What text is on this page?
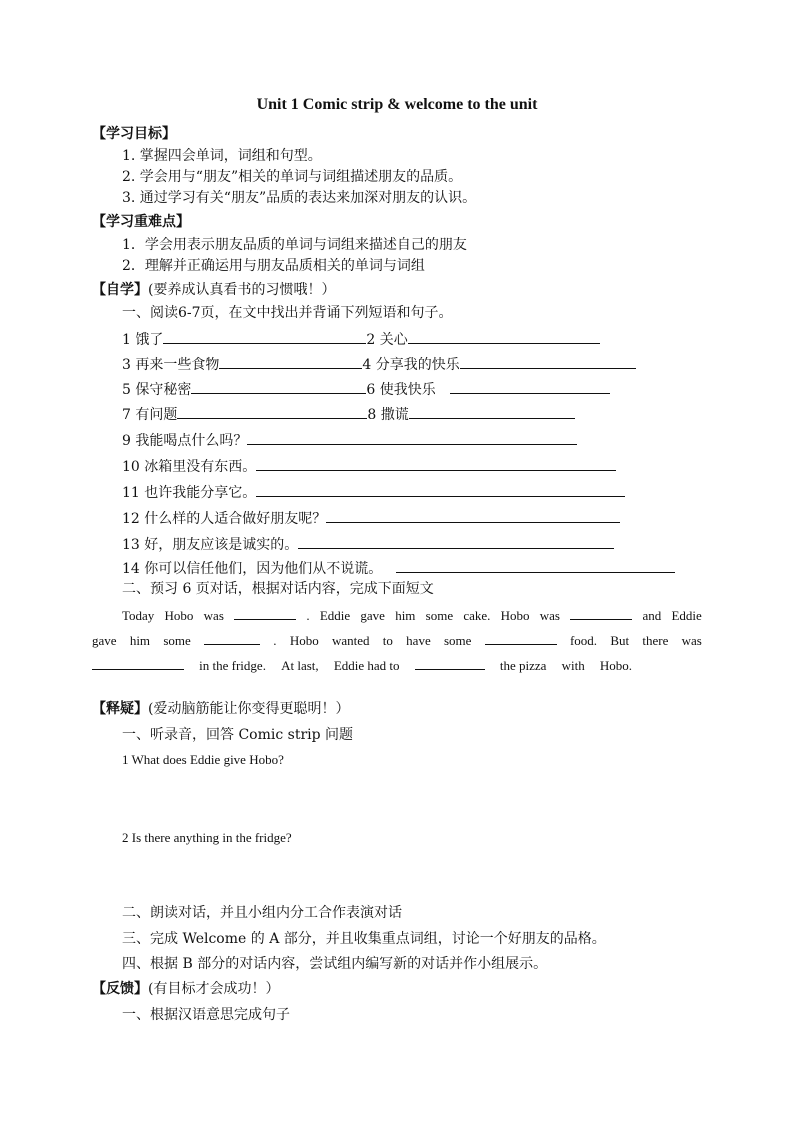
Unit 1 Comic strip & welcome to the unit
【学习目标】
1. 掌握四会单词，词组和句型。
2. 学会用与“朋友”相关的单词与词组描述朋友的品质。
3. 通过学习有关“朋友”品质的表达来加深对朋友的认识。
【学习重难点】
1．学会用表示朋友品质的单词与词组来描述自己的朋友
2．理解并正确运用与朋友品质相关的单词与词组
【自学】(要养成认真看书的习惯哦！）
一、阅读6-7页，在文中找出并背诵下列短语和句子。
1 饿了	2 关心
3 再来一些食物	4 分享我的快乐
5 保守秘密	6 使我快乐
7 有问题	8 撒谎
9 我能喝点什么吗？
10 冰箱里没有东西。
11 也许我能分享它。
12 什么样的人适合做好朋友呢？
13 好，朋友应该是诚实的。
14 你可以信任他们，因为他们从不说谎。
二、预习 6 页对话，根据对话内容，完成下面短文
Today Hobo was	. Eddie gave him some cake. Hobo was	and Eddie
gave him some	. Hobo wanted to have some	food. But there was
in the fridge. At last, Eddie had to	the pizza with Hobo.
【释疑】(爱动脑筋能让你变得更聪明！）
一、听录音，回答 Comic strip 问题
1 What does Eddie give Hobo?
2 Is there anything in the fridge?
二、朗读对话，并且小组内分工合作表演对话
三、完成 Welcome 的 A 部分，并且收集重点词组，讨论一个好朋友的品格。
四、根据 B 部分的对话内容，尝试组内编写新的对话并作小组展示。
【反馈】(有目标才会成功！）
一、根据汉语意思完成句子
